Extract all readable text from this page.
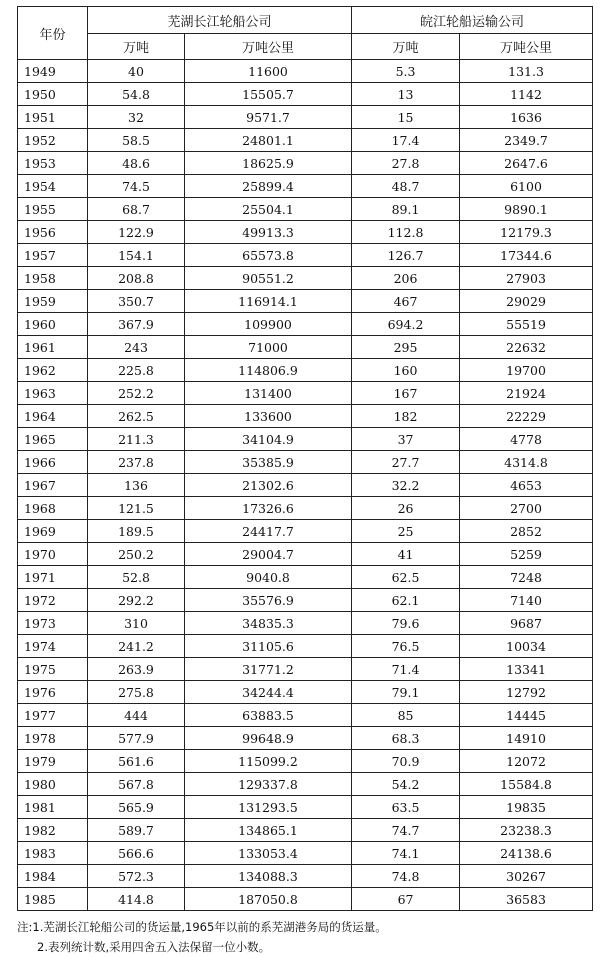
年份	芜湖长江轮船公司		皖江轮船运输公司	
	万吨	万吨公里	万吨	万吨公里
1949	40	11600	5.3	131.3
1950	54.8	15505.7	13	1142
1951	32	9571.7	15	1636
1952	58.5	24801.1	17.4	2349.7
1953	48.6	18625.9	27.8	2647.6
1954	74.5	25899.4	48.7	6100
1955	68.7	25504.1	89.1	9890.1
1956	122.9	49913.3	112.8	12179.3
1957	154.1	65573.8	126.7	17344.6
1958	208.8	90551.2	206	27903
1959	350.7	116914.1	467	29029
1960	367.9	109900	694.2	55519
1961	243	71000	295	22632
1962	225.8	114806.9	160	19700
1963	252.2	131400	167	21924
1964	262.5	133600	182	22229
1965	211.3	34104.9	37	4778
1966	237.8	35385.9	27.7	4314.8
1967	136	21302.6	32.2	4653
1968	121.5	17326.6	26	2700
1969	189.5	24417.7	25	2852
1970	250.2	29004.7	41	5259
1971	52.8	9040.8	62.5	7248
1972	292.2	35576.9	62.1	7140
1973	310	34835.3	79.6	9687
1974	241.2	31105.6	76.5	10034
1975	263.9	31771.2	71.4	13341
1976	275.8	34244.4	79.1	12792
1977	444	63883.5	85	14445
1978	577.9	99648.9	68.3	14910
1979	561.6	115099.2	70.9	12072
1980	567.8	129337.8	54.2	15584.8
1981	565.9	131293.5	63.5	19835
1982	589.7	134865.1	74.7	23238.3
1983	566.6	133053.4	74.1	24138.6
1984	572.3	134088.3	74.8	30267
1985	414.8	187050.8	67	36583
注:1.芜湖长江轮船公司的货运量,1965年以前的系芜湖港务局的货运量。
2.表列统计数,采用四舍五入法保留一位小数。
